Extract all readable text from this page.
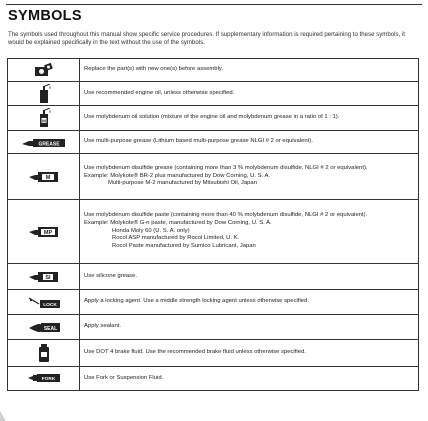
SYMBOLS
The symbols used throughout this manual show specific service procedures. If supplementary information is required pertaining to these symbols, it would be explained specifically in the text without the use of the symbols.
	Replace the part(s) with new one(s) before assembly.
	Use recommended engine oil, unless otherwise specified.

M	Use molybdenum oil solution (mixture of the engine oil and molybdenum grease in a ratio of 1 : 1).

GREASE	Use multi-purpose grease (Lithium based multi-purpose grease NLGI # 2 or equivalent).

M	Use molybdenum disulfide grease (containing more than 3 % molybdenum disulfide, NLGI # 2 or equivalent).
Example: Molykote® BR-2 plus manufactured by Dow Corning, U. S. A.
Multi-purpose M-2 manufactured by Mitsubishi Oil, Japan

MP	Use molybdenum disulfide paste (containing more than 40 % molybdenum disulfide, NLGI # 2 or equivalent).
Example: Molykote® G-n paste, manufactured by Dow Corning, U. S. A.
Honda Moly 60 (U. S. A. only)
Rocol ASP manufactured by Rocol Limited, U. K.
Rocol Paste manufactured by Sumico Lubricant, Japan

SI	Use silicone grease.

LOCK	Apply a locking agent. Use a middle strength locking agent unless otherwise specified.

SEAL	Apply sealant.
	Use DOT 4 brake fluid. Use the recommended brake fluid unless otherwise specified.

FORK	Use Fork or Suspension Fluid.
